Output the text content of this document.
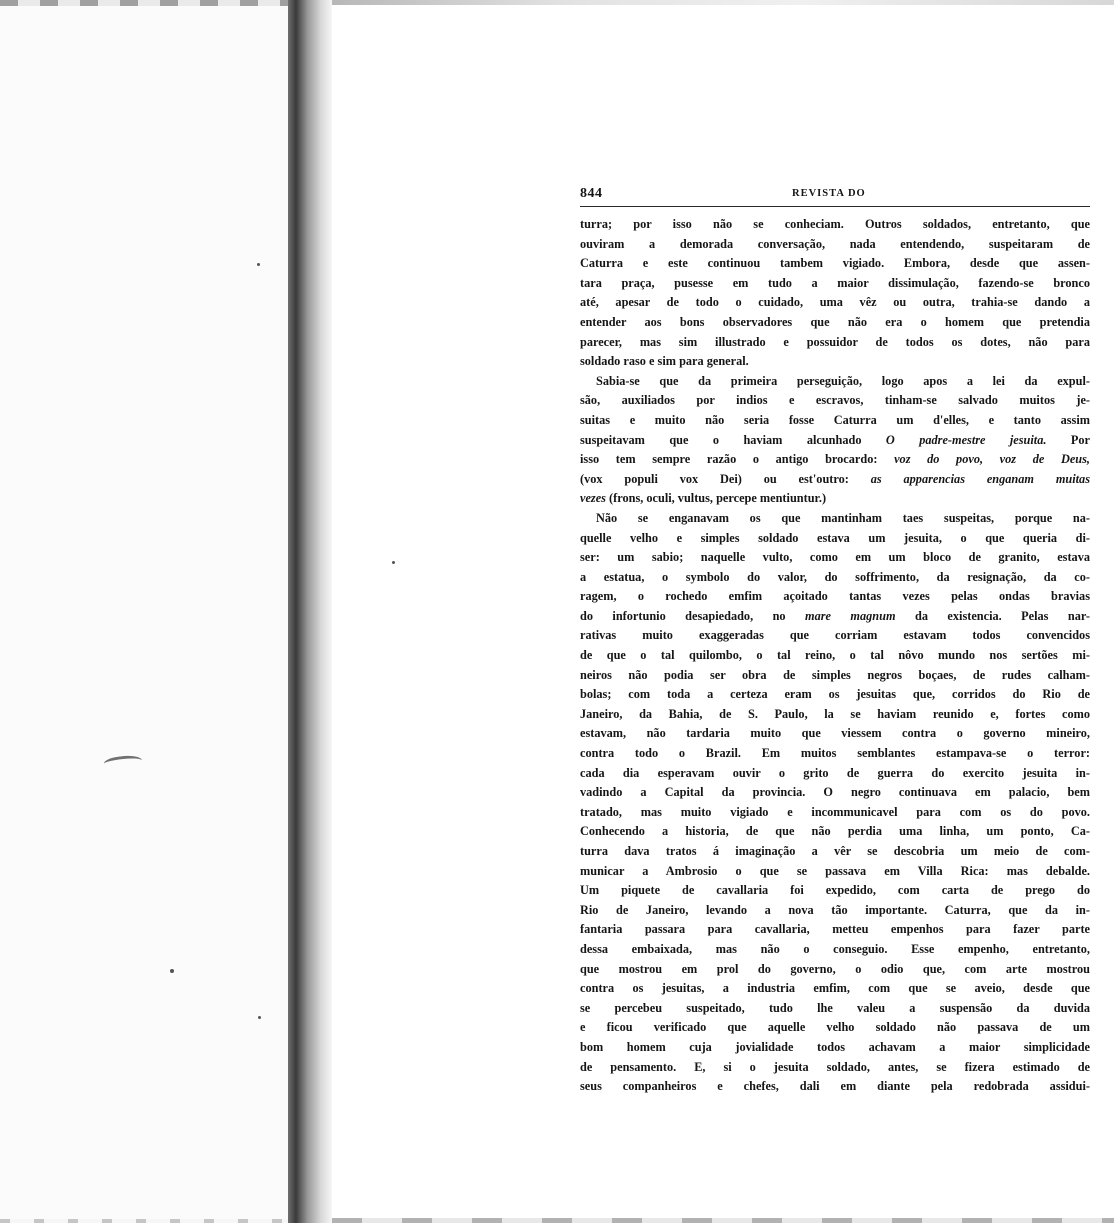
844	REVISTA DO
turra; por isso não se conheciam. Outros soldados, entretanto, que
ouviram a demorada conversação, nada entendendo, suspeitaram de
Caturra e este continuou tambem vigiado. Embora, desde que assen-
tara praça, pusesse em tudo a maior dissimulação, fazendo-se bronco
até, apesar de todo o cuidado, uma vêz ou outra, trahia-se dando a
entender aos bons observadores que não era o homem que pretendia
parecer, mas sim illustrado e possuidor de todos os dotes, não para
soldado raso e sim para general.
Sabia-se que da primeira perseguição, logo apos a lei da expul-
são, auxiliados por indios e escravos, tinham-se salvado muitos je-
suitas e muito não seria fosse Caturra um d'elles, e tanto assim
suspeitavam que o haviam alcunhado O padre-mestre jesuita. Por
isso tem sempre razão o antigo brocardo: voz do povo, voz de Deus,
(vox populi vox Dei) ou est'outro: as apparencias enganam muitas
vezes (frons, oculi, vultus, percepe mentiuntur.)
Não se enganavam os que mantinham taes suspeitas, porque na-
quelle velho e simples soldado estava um jesuita, o que queria di-
ser: um sabio; naquelle vulto, como em um bloco de granito, estava
a estatua, o symbolo do valor, do soffrimento, da resignação, da co-
ragem, o rochedo emfim açoitado tantas vezes pelas ondas bravias
do infortunio desapiedado, no mare magnum da existencia. Pelas nar-
rativas muito exaggeradas que corriam estavam todos convencidos
de que o tal quilombo, o tal reino, o tal nôvo mundo nos sertões mi-
neiros não podia ser obra de simples negros boçaes, de rudes calham-
bolas; com toda a certeza eram os jesuitas que, corridos do Rio de
Janeiro, da Bahia, de S. Paulo, la se haviam reunido e, fortes como
estavam, não tardaria muito que viessem contra o governo mineiro,
contra todo o Brazil. Em muitos semblantes estampava-se o terror:
cada dia esperavam ouvir o grito de guerra do exercito jesuita in-
vadindo a Capital da provincia. O negro continuava em palacio, bem
tratado, mas muito vigiado e incommunicavel para com os do povo.
Conhecendo a historia, de que não perdia uma linha, um ponto, Ca-
turra dava tratos á imaginação a vêr se descobria um meio de com-
municar a Ambrosio o que se passava em Villa Rica: mas debalde.
Um piquete de cavallaria foi expedido, com carta de prego do
Rio de Janeiro, levando a nova tão importante. Caturra, que da in-
fantaria passara para cavallaria, metteu empenhos para fazer parte
dessa embaixada, mas não o conseguio. Esse empenho, entretanto,
que mostrou em prol do governo, o odio que, com arte mostrou
contra os jesuitas, a industria emfim, com que se aveio, desde que
se percebeu suspeitado, tudo lhe valeu a suspensão da duvida
e ficou verificado que aquelle velho soldado não passava de um
bom homem cuja jovialidade todos achavam a maior simplicidade
de pensamento. E, si o jesuita soldado, antes, se fizera estimado de
seus companheiros e chefes, dali em diante pela redobrada assidui-
